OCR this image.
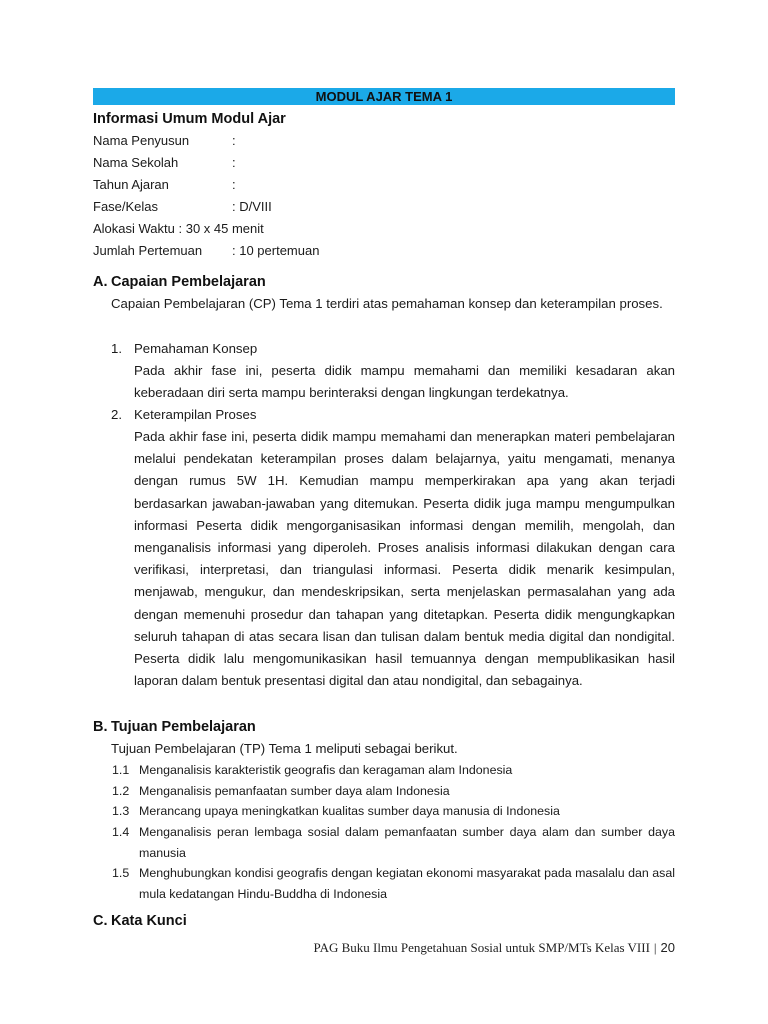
MODUL AJAR TEMA 1
Informasi Umum Modul Ajar
Nama Penyusun	:
Nama Sekolah	:
Tahun Ajaran	:
Fase/Kelas	: D/VIII
Alokasi Waktu : 30 x 45 menit
Jumlah Pertemuan : 10 pertemuan
A. Capaian Pembelajaran
Capaian Pembelajaran (CP) Tema 1 terdiri atas pemahaman konsep dan keterampilan proses.
1. Pemahaman Konsep
Pada akhir fase ini, peserta didik mampu memahami dan memiliki kesadaran akan keberadaan diri serta mampu berinteraksi dengan lingkungan terdekatnya.
2. Keterampilan Proses
Pada akhir fase ini, peserta didik mampu memahami dan menerapkan materi pembelajaran melalui pendekatan keterampilan proses dalam belajarnya, yaitu mengamati, menanya dengan rumus 5W 1H. Kemudian mampu memperkirakan apa yang akan terjadi berdasarkan jawaban-jawaban yang ditemukan. Peserta didik juga mampu mengumpulkan informasi Peserta didik mengorganisasikan informasi dengan memilih, mengolah, dan menganalisis informasi yang diperoleh. Proses analisis informasi dilakukan dengan cara verifikasi, interpretasi, dan triangulasi informasi. Peserta didik menarik kesimpulan, menjawab, mengukur, dan mendeskripsikan, serta menjelaskan permasalahan yang ada dengan memenuhi prosedur dan tahapan yang ditetapkan. Peserta didik mengungkapkan seluruh tahapan di atas secara lisan dan tulisan dalam bentuk media digital dan nondigital. Peserta didik lalu mengomunikasikan hasil temuannya dengan mempublikasikan hasil laporan dalam bentuk presentasi digital dan atau nondigital, dan sebagainya.
B. Tujuan Pembelajaran
Tujuan Pembelajaran (TP) Tema 1 meliputi sebagai berikut.
1.1 Menganalisis karakteristik geografis dan keragaman alam Indonesia
1.2 Menganalisis pemanfaatan sumber daya alam Indonesia
1.3 Merancang upaya meningkatkan kualitas sumber daya manusia di Indonesia
1.4 Menganalisis peran lembaga sosial dalam pemanfaatan sumber daya alam dan sumber daya manusia
1.5 Menghubungkan kondisi geografis dengan kegiatan ekonomi masyarakat pada masalalu dan asal mula kedatangan Hindu-Buddha di Indonesia
C. Kata Kunci
PAG Buku Ilmu Pengetahuan Sosial untuk SMP/MTs Kelas VIII | 20
